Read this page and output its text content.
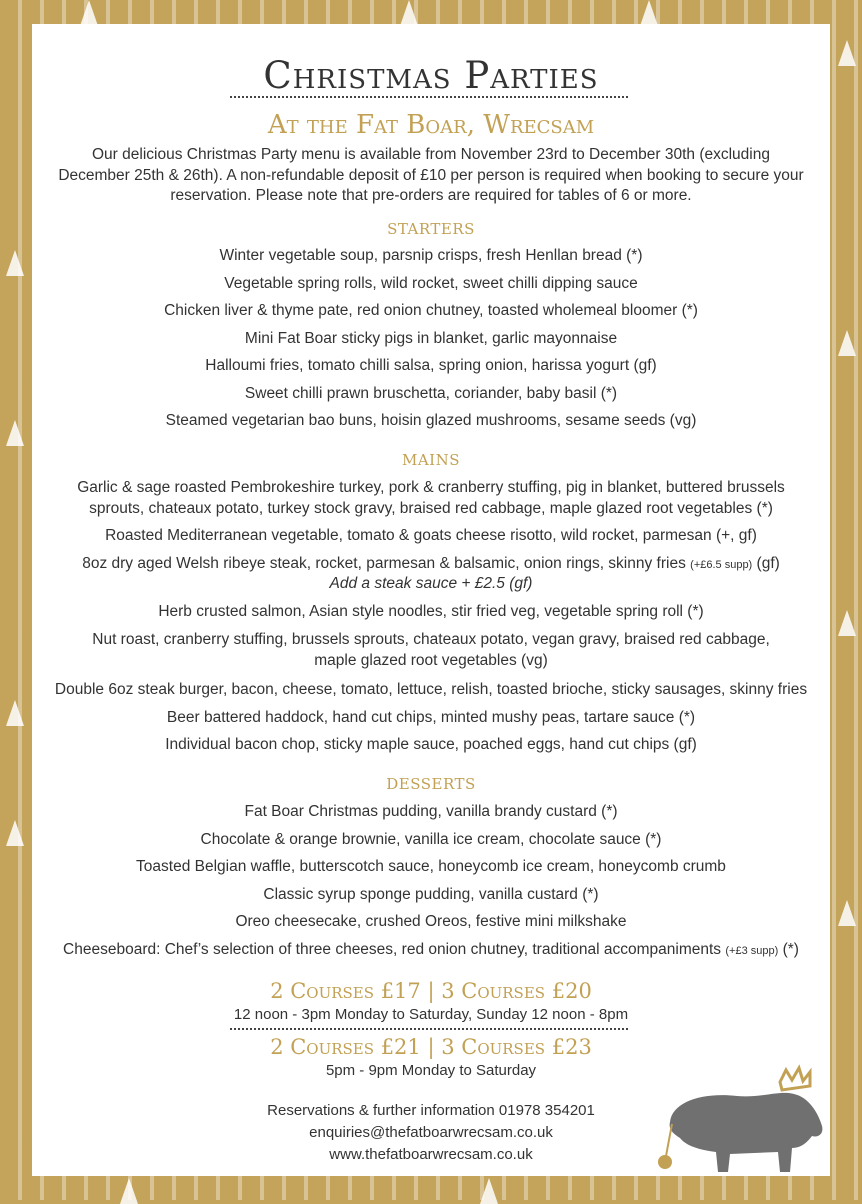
Christmas Parties
At the Fat Boar, Wrecsam
Our delicious Christmas Party menu is available from November 23rd to December 30th (excluding December 25th & 26th). A non-refundable deposit of £10 per person is required when booking to secure your reservation. Please note that pre-orders are required for tables of 6 or more.
STARTERS
Winter vegetable soup, parsnip crisps, fresh Henllan bread (*)
Vegetable spring rolls, wild rocket, sweet chilli dipping sauce
Chicken liver & thyme pate, red onion chutney, toasted wholemeal bloomer (*)
Mini Fat Boar sticky pigs in blanket, garlic mayonnaise
Halloumi fries, tomato chilli salsa, spring onion, harissa yogurt (gf)
Sweet chilli prawn bruschetta, coriander, baby basil (*)
Steamed vegetarian bao buns, hoisin glazed mushrooms, sesame seeds (vg)
MAINS
Garlic & sage roasted Pembrokeshire turkey, pork & cranberry stuffing, pig in blanket, buttered brussels
sprouts, chateaux potato, turkey stock gravy, braised red cabbage, maple glazed root vegetables (*)
Roasted Mediterranean vegetable, tomato & goats cheese risotto, wild rocket, parmesan (+, gf)
8oz dry aged Welsh ribeye steak, rocket, parmesan & balsamic, onion rings, skinny fries (+£6.5 supp) (gf)
Add a steak sauce + £2.5 (gf)
Herb crusted salmon, Asian style noodles, stir fried veg, vegetable spring roll (*)
Nut roast, cranberry stuffing, brussels sprouts, chateaux potato, vegan gravy, braised red cabbage,
maple glazed root vegetables (vg)
Double 6oz steak burger, bacon, cheese, tomato, lettuce, relish, toasted brioche, sticky sausages, skinny fries
Beer battered haddock, hand cut chips, minted mushy peas, tartare sauce (*)
Individual bacon chop, sticky maple sauce, poached eggs, hand cut chips (gf)
DESSERTS
Fat Boar Christmas pudding, vanilla brandy custard (*)
Chocolate & orange brownie, vanilla ice cream, chocolate sauce (*)
Toasted Belgian waffle, butterscotch sauce, honeycomb ice cream, honeycomb crumb
Classic syrup sponge pudding, vanilla custard (*)
Oreo cheesecake, crushed Oreos, festive mini milkshake
Cheeseboard: Chef’s selection of three cheeses, red onion chutney, traditional accompaniments (+£3 supp) (*)
2 Courses £17 | 3 Courses £20
12 noon - 3pm Monday to Saturday, Sunday 12 noon - 8pm
2 Courses £21 | 3 Courses £23
5pm - 9pm Monday to Saturday
Reservations & further information 01978 354201
enquiries@thefatboarwrecsam.co.uk
www.thefatboarwrecsam.co.uk
